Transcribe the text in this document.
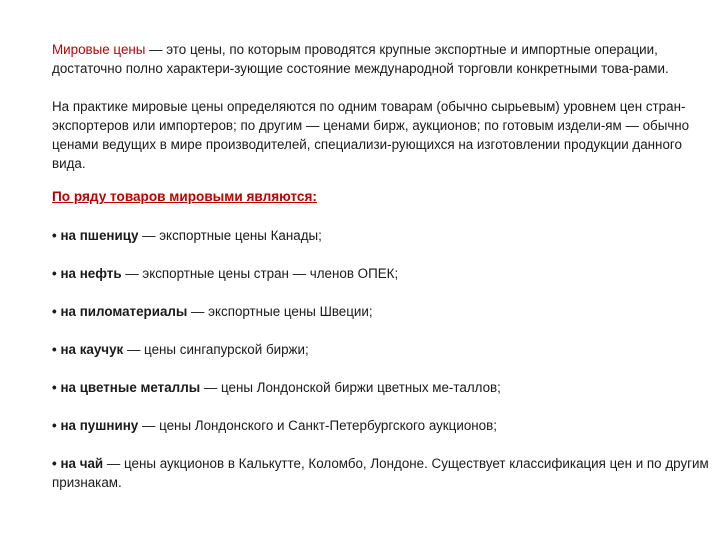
Мировые цены — это цены, по которым проводятся крупные экспортные и импортные операции, достаточно полно характери-зующие состояние международной торговли конкретными това-рами.

На практике мировые цены определяются по одним товарам (обычно сырьевым) уровнем цен стран-экспортеров или импортеров; по другим — ценами бирж, аукционов; по готовым издели-ям — обычно ценами ведущих в мире производителей, специализи-рующихся на изготовлении продукции данного вида.

По ряду товаров мировыми являются:

• на пшеницу — экспортные цены Канады;
• на нефть — экспортные цены стран — членов ОПЕК;
• на пиломатериалы — экспортные цены Швеции;
• на каучук — цены сингапурской биржи;
• на цветные металлы — цены Лондонской биржи цветных ме-таллов;
• на пушнину — цены Лондонского и Санкт-Петербургского аукционов;
• на чай — цены аукционов в Калькутте, Коломбо, Лондоне. Существует классификация цен и по другим признакам.
